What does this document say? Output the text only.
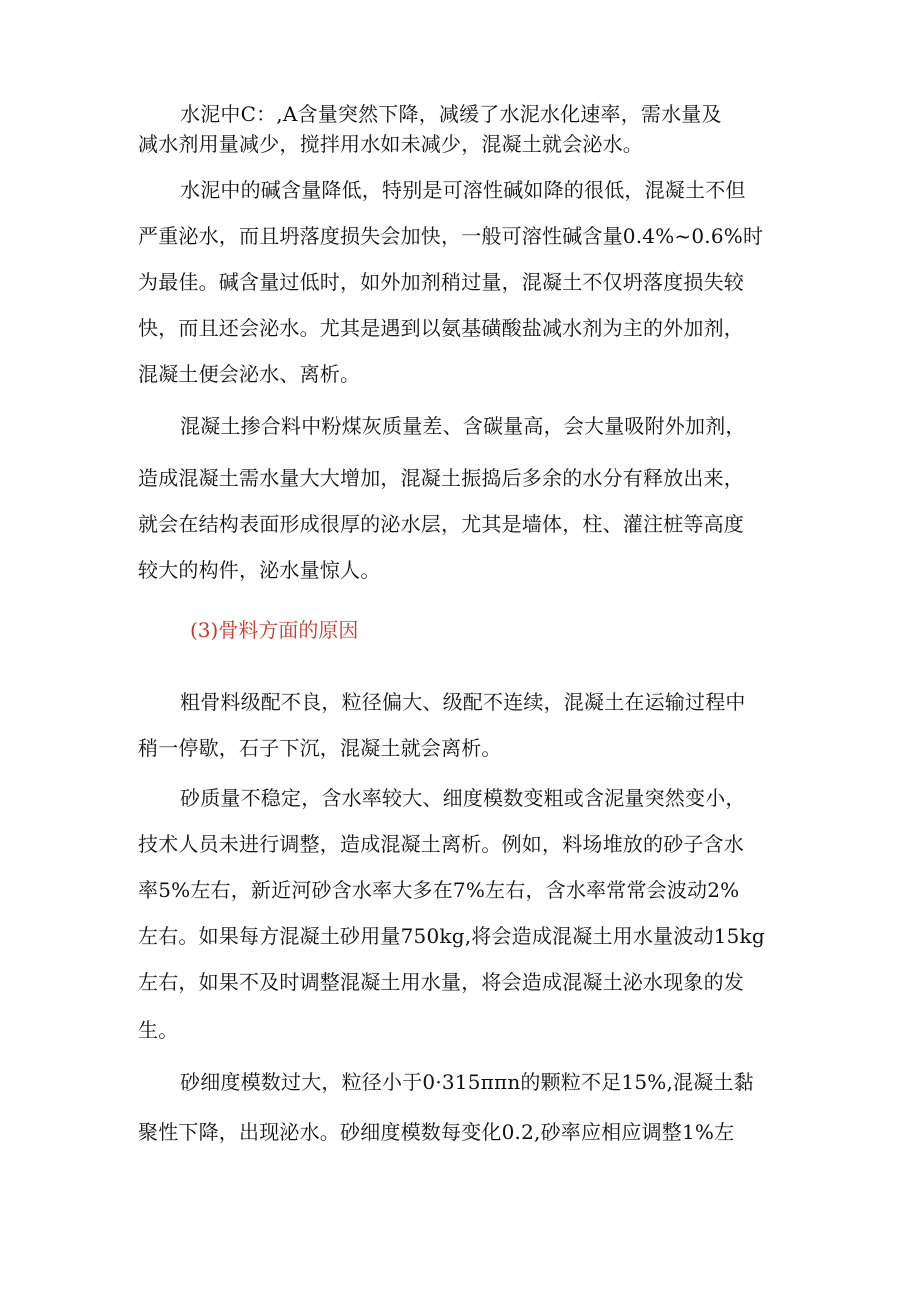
水泥中C：,A含量突然下降，减缓了水泥水化速率，需水量及
减水剂用量减少，搅拌用水如未减少，混凝土就会泌水。
水泥中的碱含量降低，特别是可溶性碱如降的很低，混凝土不但
严重泌水，而且坍落度损失会加快，一般可溶性碱含量0.4%~0.6%时
为最佳。碱含量过低时，如外加剂稍过量，混凝土不仅坍落度损失较
快，而且还会泌水。尤其是遇到以氨基磺酸盐减水剂为主的外加剂，
混凝土便会泌水、离析。
混凝土掺合料中粉煤灰质量差、含碳量高，会大量吸附外加剂，
造成混凝土需水量大大增加，混凝土振捣后多余的水分有释放出来，
就会在结构表面形成很厚的泌水层，尤其是墙体，柱、灌注桩等高度
较大的构件，泌水量惊人。
(3)骨料方面的原因
粗骨料级配不良，粒径偏大、级配不连续，混凝土在运输过程中
稍一停歇，石子下沉，混凝土就会离析。
砂质量不稳定，含水率较大、细度模数变粗或含泥量突然变小，
技术人员未进行调整，造成混凝土离析。例如，料场堆放的砂子含水
率5%左右，新近河砂含水率大多在7%左右，含水率常常会波动2%
左右。如果每方混凝土砂用量750kg,将会造成混凝土用水量波动15kg
左右，如果不及时调整混凝土用水量，将会造成混凝土泌水现象的发
生。
砂细度模数过大，粒径小于0·315ππn的颗粒不足15%,混凝土黏
聚性下降，出现泌水。砂细度模数每变化0.2,砂率应相应调整1%左
